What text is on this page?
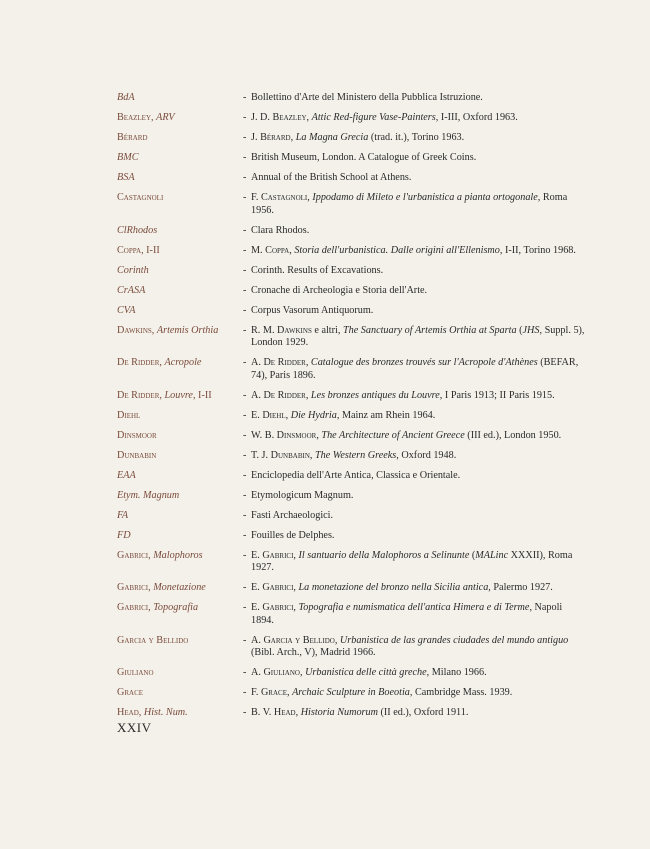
BdA	- Bollettino d'Arte del Ministero della Pubblica Istruzione.
Beazley, ARV	- J. D. Beazley, Attic Red-figure Vase-Painters, I-III, Oxford 1963.
Bérard	- J. Bérard, La Magna Grecia (trad. it.), Torino 1963.
BMC	- British Museum, London. A Catalogue of Greek Coins.
BSA	- Annual of the British School at Athens.
Castagnoli	- F. Castagnoli, Ippodamo di Mileto e l'urbanistica a pianta ortogonale, Roma 1956.
ClRhodos	- Clara Rhodos.
Coppa, I-II	- M. Coppa, Storia dell'urbanistica. Dalle origini all'Ellenismo, I-II, Torino 1968.
Corinth	- Corinth. Results of Excavations.
CrASA	- Cronache di Archeologia e Storia dell'Arte.
CVA	- Corpus Vasorum Antiquorum.
Dawkins, Artemis Orthia	- R. M. Dawkins e altri, The Sanctuary of Artemis Orthia at Sparta (JHS, Suppl. 5), London 1929.
De Ridder, Acropole	- A. De Ridder, Catalogue des bronzes trouvés sur l'Acropole d'Athènes (BEFAR, 74), Paris 1896.
De Ridder, Louvre, I-II	- A. De Ridder, Les bronzes antiques du Louvre, I Paris 1913; II Paris 1915.
Diehl	- E. Diehl, Die Hydria, Mainz am Rhein 1964.
Dinsmoor	- W. B. Dinsmoor, The Architecture of Ancient Greece (III ed.), London 1950.
Dunbabin	- T. J. Dunbabin, The Western Greeks, Oxford 1948.
EAA	- Enciclopedia dell'Arte Antica, Classica e Orientale.
Etym. Magnum	- Etymologicum Magnum.
FA	- Fasti Archaeologici.
FD	- Fouilles de Delphes.
Gabrici, Malophoros	- E. Gabrici, Il santuario della Malophoros a Selinunte (MALinc XXXII), Roma 1927.
Gabrici, Monetazione	- E. Gabrici, La monetazione del bronzo nella Sicilia antica, Palermo 1927.
Gabrici, Topografia	- E. Gabrici, Topografia e numismatica dell'antica Himera e di Terme, Napoli 1894.
Garcia y Bellido	- A. Garcia y Bellido, Urbanistica de las grandes ciudades del mundo antiguo (Bibl. Arch., V), Madrid 1966.
Giuliano	- A. Giuliano, Urbanistica delle città greche, Milano 1966.
Grace	- F. Grace, Archaic Sculpture in Boeotia, Cambridge Mass. 1939.
Head, Hist. Num.	- B. V. Head, Historia Numorum (II ed.), Oxford 1911.
XXIV
